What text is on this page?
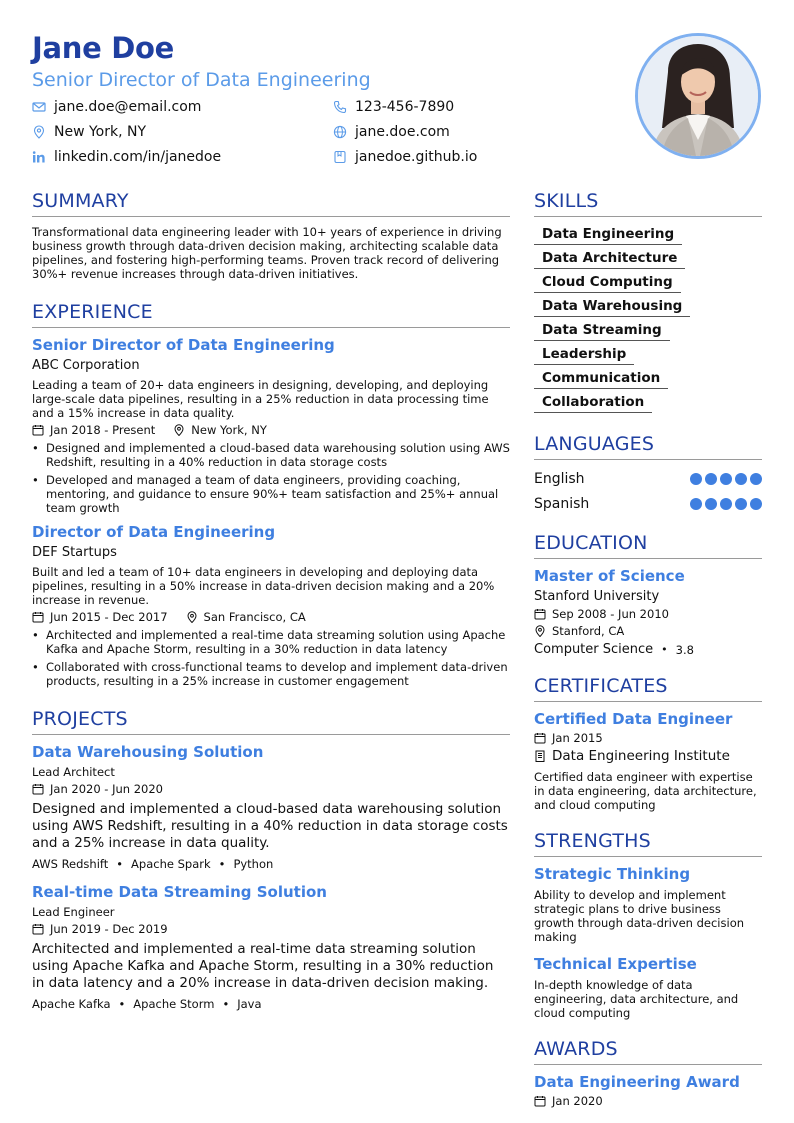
Jane Doe
Senior Director of Data Engineering
jane.doe@email.com	123-456-7890
New York, NY	jane.doe.com
linkedin.com/in/janedoe	janedoe.github.io
SUMMARY
Transformational data engineering leader with 10+ years of experience in driving business growth through data-driven decision making, architecting scalable data pipelines, and fostering high-performing teams. Proven track record of delivering 30%+ revenue increases through data-driven initiatives.
EXPERIENCE
Senior Director of Data Engineering
ABC Corporation
Leading a team of 20+ data engineers in designing, developing, and deploying large-scale data pipelines, resulting in a 25% reduction in data processing time and a 15% increase in data quality.
Jan 2018 - Present	New York, NY
• Designed and implemented a cloud-based data warehousing solution using AWS Redshift, resulting in a 40% reduction in data storage costs
• Developed and managed a team of data engineers, providing coaching, mentoring, and guidance to ensure 90%+ team satisfaction and 25%+ annual team growth
Director of Data Engineering
DEF Startups
Built and led a team of 10+ data engineers in developing and deploying data pipelines, resulting in a 50% increase in data-driven decision making and a 20% increase in revenue.
Jun 2015 - Dec 2017	San Francisco, CA
• Architected and implemented a real-time data streaming solution using Apache Kafka and Apache Storm, resulting in a 30% reduction in data latency
• Collaborated with cross-functional teams to develop and implement data-driven products, resulting in a 25% increase in customer engagement
PROJECTS
Data Warehousing Solution
Lead Architect
Jan 2020 - Jun 2020
Designed and implemented a cloud-based data warehousing solution using AWS Redshift, resulting in a 40% reduction in data storage costs and a 25% increase in data quality.
AWS Redshift • Apache Spark • Python
Real-time Data Streaming Solution
Lead Engineer
Jun 2019 - Dec 2019
Architected and implemented a real-time data streaming solution using Apache Kafka and Apache Storm, resulting in a 30% reduction in data latency and a 20% increase in data-driven decision making.
Apache Kafka • Apache Storm • Java
SKILLS
Data Engineering
Data Architecture
Cloud Computing
Data Warehousing
Data Streaming
Leadership
Communication
Collaboration
LANGUAGES
English
Spanish
EDUCATION
Master of Science
Stanford University
Sep 2008 - Jun 2010
Stanford, CA
Computer Science • 3.8
CERTIFICATES
Certified Data Engineer
Jan 2015
Data Engineering Institute
Certified data engineer with expertise in data engineering, data architecture, and cloud computing
STRENGTHS
Strategic Thinking
Ability to develop and implement strategic plans to drive business growth through data-driven decision making
Technical Expertise
In-depth knowledge of data engineering, data architecture, and cloud computing
AWARDS
Data Engineering Award
Jan 2020
